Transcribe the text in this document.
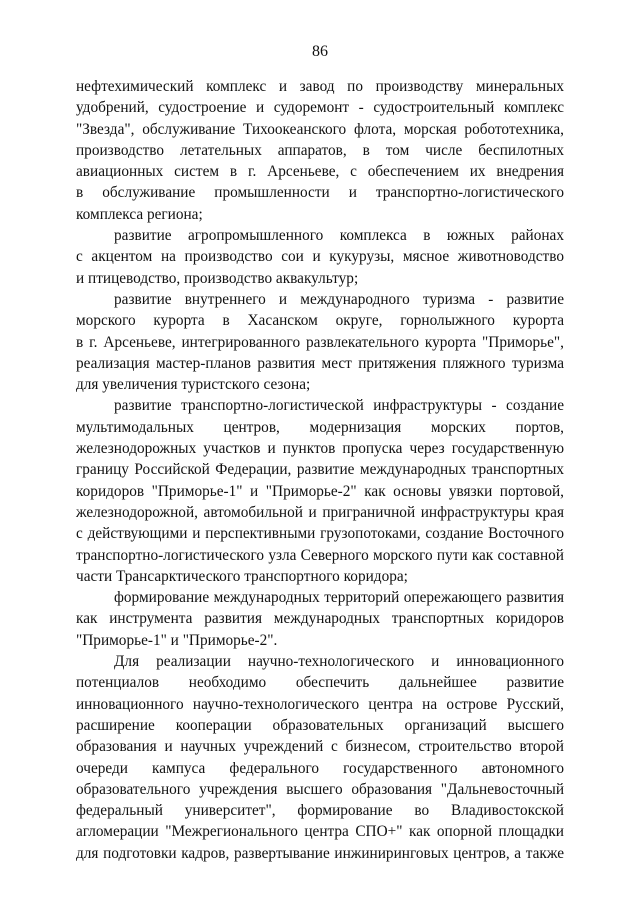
86
нефтехимический комплекс и завод по производству минеральных
удобрений, судостроение и судоремонт - судостроительный комплекс
"Звезда", обслуживание Тихоокеанского флота, морская робототехника,
производство летательных аппаратов, в том числе беспилотных
авиационных систем в г. Арсеньеве, с обеспечением их внедрения
в обслуживание промышленности и транспортно-логистического
комплекса региона;
развитие агропромышленного комплекса в южных районах
с акцентом на производство сои и кукурузы, мясное животноводство
и птицеводство, производство аквакультур;
развитие внутреннего и международного туризма - развитие
морского курорта в Хасанском округе, горнолыжного курорта
в г. Арсеньеве, интегрированного развлекательного курорта "Приморье",
реализация мастер-планов развития мест притяжения пляжного туризма
для увеличения туристского сезона;
развитие транспортно-логистической инфраструктуры - создание
мультимодальных центров, модернизация морских портов,
железнодорожных участков и пунктов пропуска через государственную
границу Российской Федерации, развитие международных транспортных
коридоров "Приморье-1" и "Приморье-2" как основы увязки портовой,
железнодорожной, автомобильной и приграничной инфраструктуры края
с действующими и перспективными грузопотоками, создание Восточного
транспортно-логистического узла Северного морского пути как составной
части Трансарктического транспортного коридора;
формирование международных территорий опережающего развития
как инструмента развития международных транспортных коридоров
"Приморье-1" и "Приморье-2".
Для реализации научно-технологического и инновационного
потенциалов необходимо обеспечить дальнейшее развитие
инновационного научно-технологического центра на острове Русский,
расширение кооперации образовательных организаций высшего
образования и научных учреждений с бизнесом, строительство второй
очереди кампуса федерального государственного автономного
образовательного учреждения высшего образования "Дальневосточный
федеральный университет", формирование во Владивостокской
агломерации "Межрегионального центра СПО+" как опорной площадки
для подготовки кадров, развертывание инжиниринговых центров, а также
